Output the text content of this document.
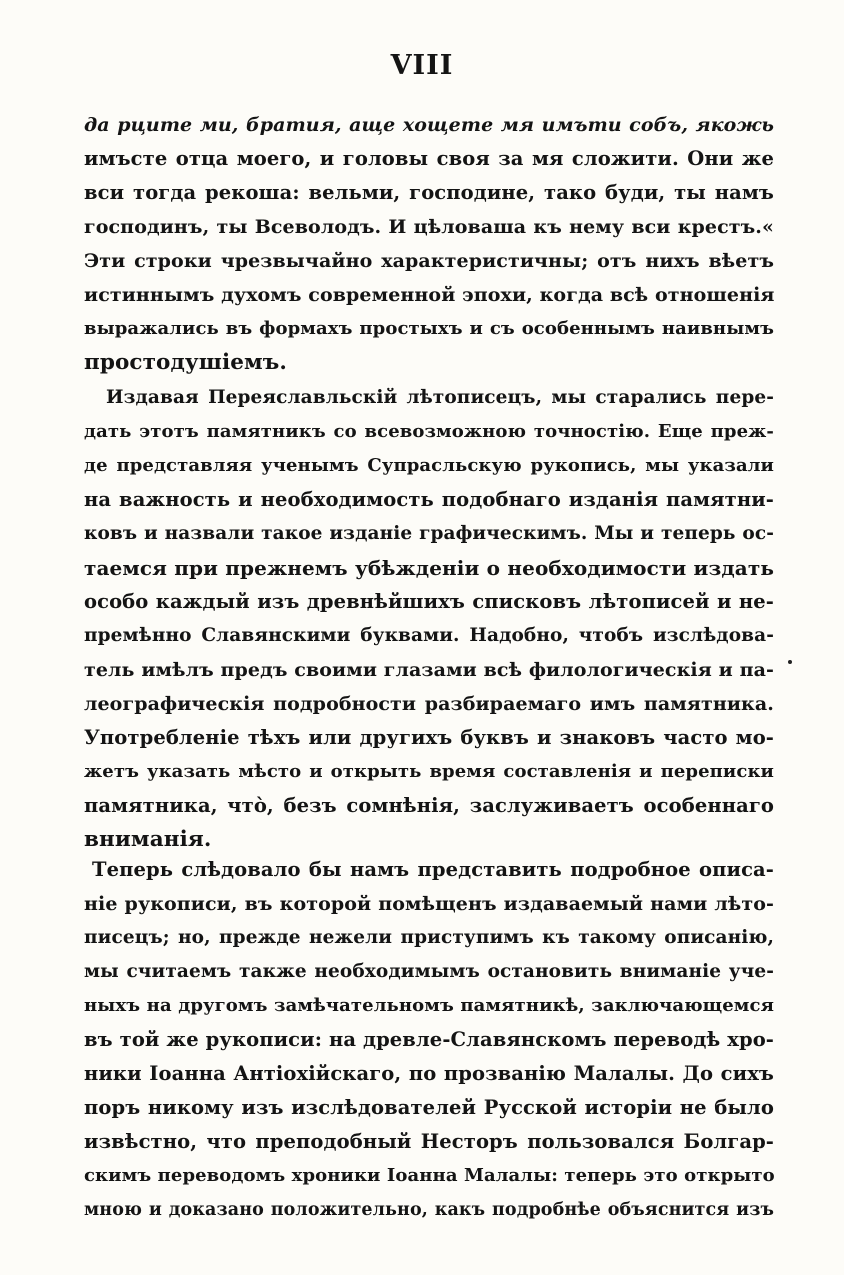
VIII
да рците ми, братия, аще хощете мя имъти собъ, якожь
имъсте отца моего, и головы своя за мя сложити. Они же
вси тогда рекоша: вельми, господине, тако буди, ты намъ
господинъ, ты Всеволодъ. И цѣловаша къ нему вси крестъ.«
Эти строки чрезвычайно характеристичны; отъ нихъ вѣетъ
истиннымъ духомъ современной эпохи, когда всѣ отношенія
выражались въ формахъ простыхъ и съ особеннымъ наивнымъ
простодушіемъ.
Издавая Переяславльскій лѣтописецъ, мы старались пере-
дать этотъ памятникъ со всевозможною точностію. Еще преж-
де представляя ученымъ Супрасльскую рукопись, мы указали
на важность и необходимость подобнаго изданія памятни-
ковъ и назвали такое изданіе графическимъ. Мы и теперь ос-
таемся при прежнемъ убѣжденіи о необходимости издать
особо каждый изъ древнѣйшихъ списковъ лѣтописей и не-
премѣнно Славянскими буквами. Надобно, чтобъ изслѣдова-
тель имѣлъ предъ своими глазами всѣ филологическія и па-
леографическія подробности разбираемаго имъ памятника.
Употребленіе тѣхъ или другихъ буквъ и знаковъ часто мо-
жетъ указать мѣсто и открыть время составленія и переписки
памятника, что̀, безъ сомнѣнія, заслуживаетъ особеннаго
вниманія.
Теперь слѣдовало бы намъ представить подробное описа-
ніе рукописи, въ которой помѣщенъ издаваемый нами лѣто-
писецъ; но, прежде нежели приступимъ къ такому описанію,
мы считаемъ также необходимымъ остановить вниманіе уче-
ныхъ на другомъ замѣчательномъ памятникѣ, заключающемся
въ той же рукописи: на древле-Славянскомъ переводѣ хро-
ники Іоанна Антіохійскаго, по прозванію Малалы. До сихъ
поръ никому изъ изслѣдователей Русской исторіи не было
извѣстно, что преподобный Несторъ пользовался Болгар-
скимъ переводомъ хроники Іоанна Малалы: теперь это открыто
мною и доказано положительно, какъ подробнѣе объяснится изъ
